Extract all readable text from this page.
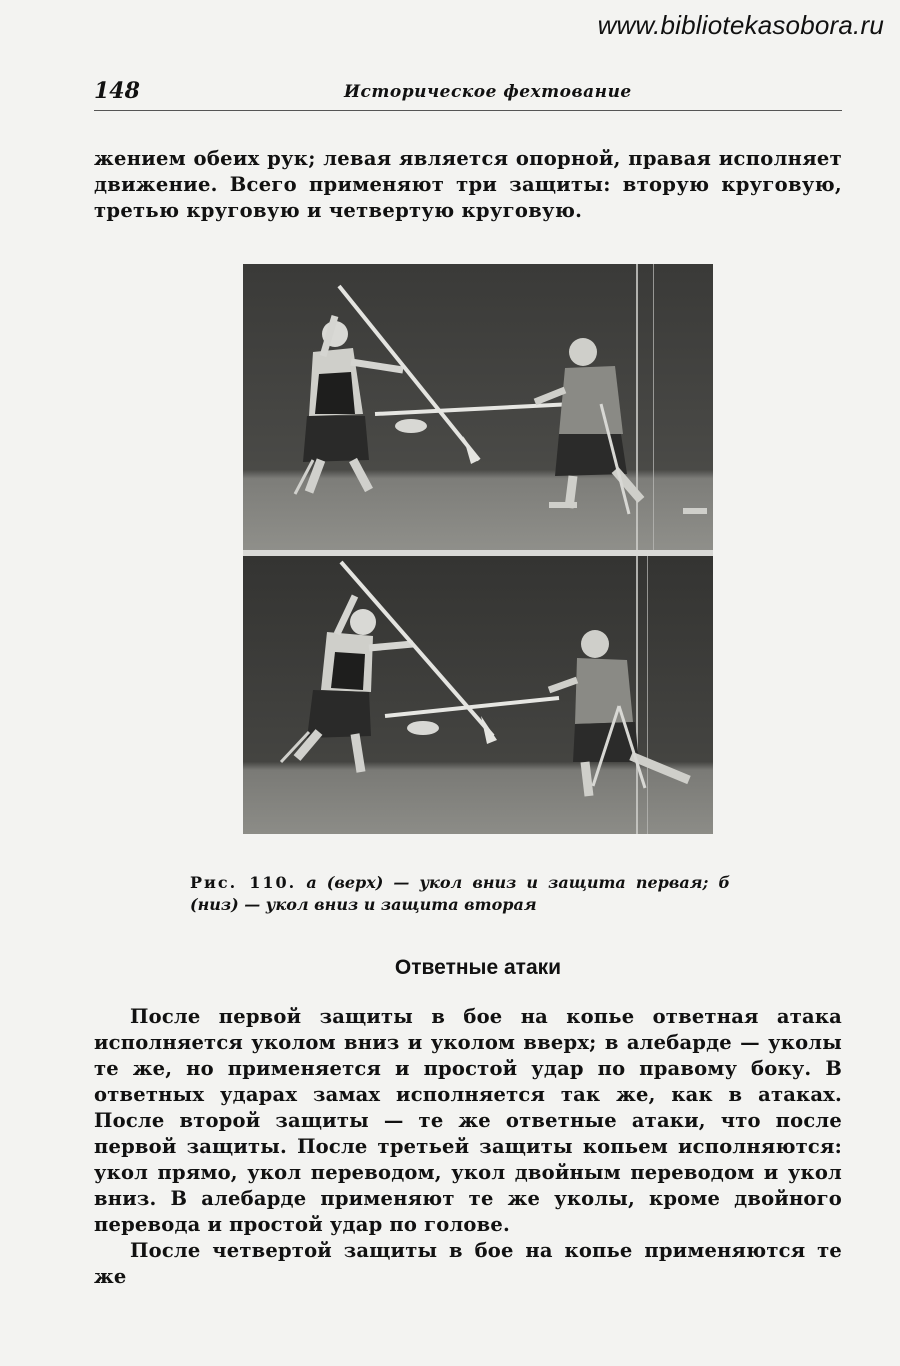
www.bibliotekasobora.ru
148	Историческое фехтование
жением обеих рук; левая является опорной, правая исполняет движение. Всего применяют три защиты: вторую круговую, третью круговую и четвертую круговую.
Рис. 110. а (верх) — укол вниз и защита первая; б (низ) — укол вниз и защита вторая
Ответные атаки

После первой защиты в бое на копье ответная атака исполняется уколом вниз и уколом вверх; в алебарде — уколы те же, но применяется и простой удар по правому боку. В ответных ударах замах исполняется так же, как в атаках. После второй защиты — те же ответные атаки, что после первой защиты. После третьей защиты копьем исполняются: укол прямо, укол переводом, укол двойным переводом и укол вниз. В алебарде применяют те же уколы, кроме двойного перевода и простой удар по голове.

После четвертой защиты в бое на копье применяются те же
